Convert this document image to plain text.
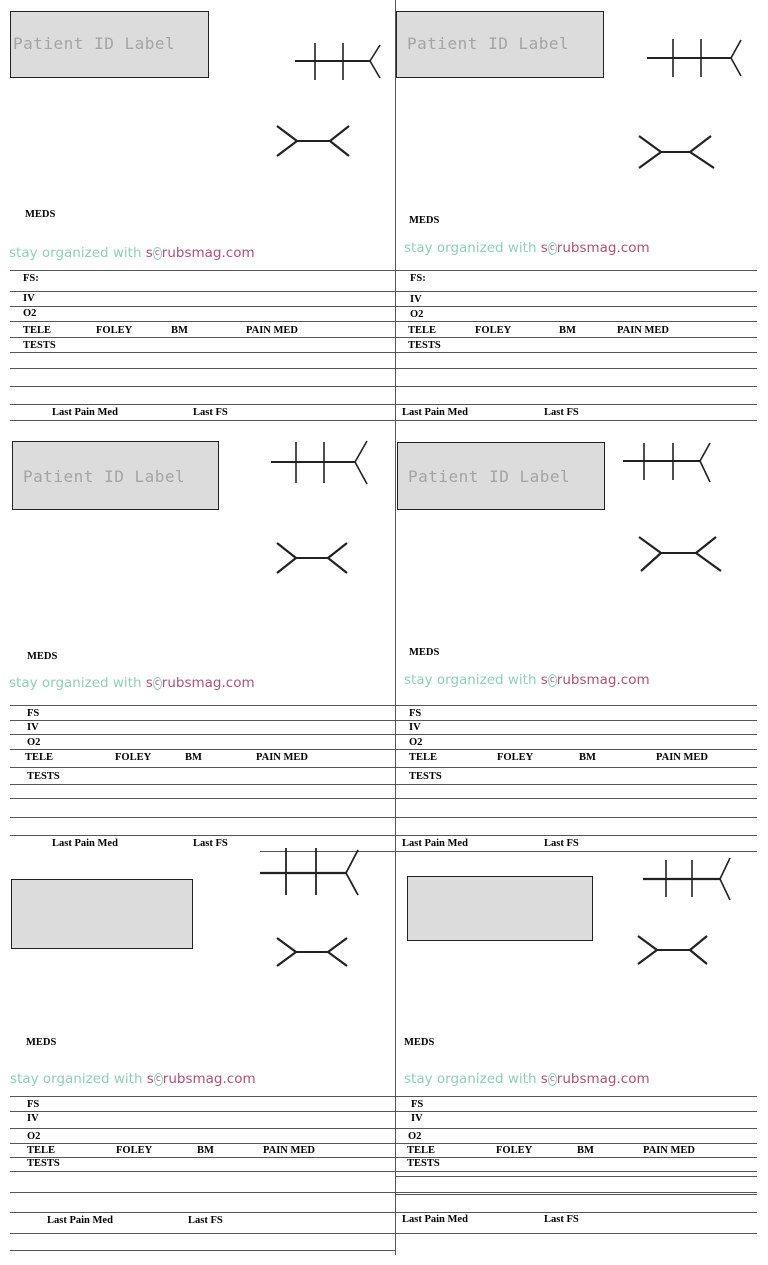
Patient ID Label
MEDS
stay organized with s c rubsmag.com
FS:
IV
O2
TELE	FOLEY	BM	PAIN MED
TESTS
Last Pain Med	Last FS
Patient ID Label
MEDS
stay organized with s c rubsmag.com
FS:
IV
O2
TELE	FOLEY	BM	PAIN MED
TESTS
Last Pain Med	Last FS
Patient ID Label
MEDS
stay organized with s c rubsmag.com
FS
IV
O2
TELE	FOLEY	BM	PAIN MED
TESTS
Last Pain Med	Last FS
Patient ID Label
MEDS
stay organized with s c rubsmag.com
FS
IV
O2
TELE	FOLEY	BM	PAIN MED
TESTS
Last Pain Med	Last FS
MEDS
stay organized with s c rubsmag.com
FS
IV
O2
TELE	FOLEY	BM	PAIN MED
TESTS
Last Pain Med	Last FS
MEDS
stay organized with s c rubsmag.com
FS
IV
O2
TELE	FOLEY	BM	PAIN MED
TESTS
Last Pain Med	Last FS
